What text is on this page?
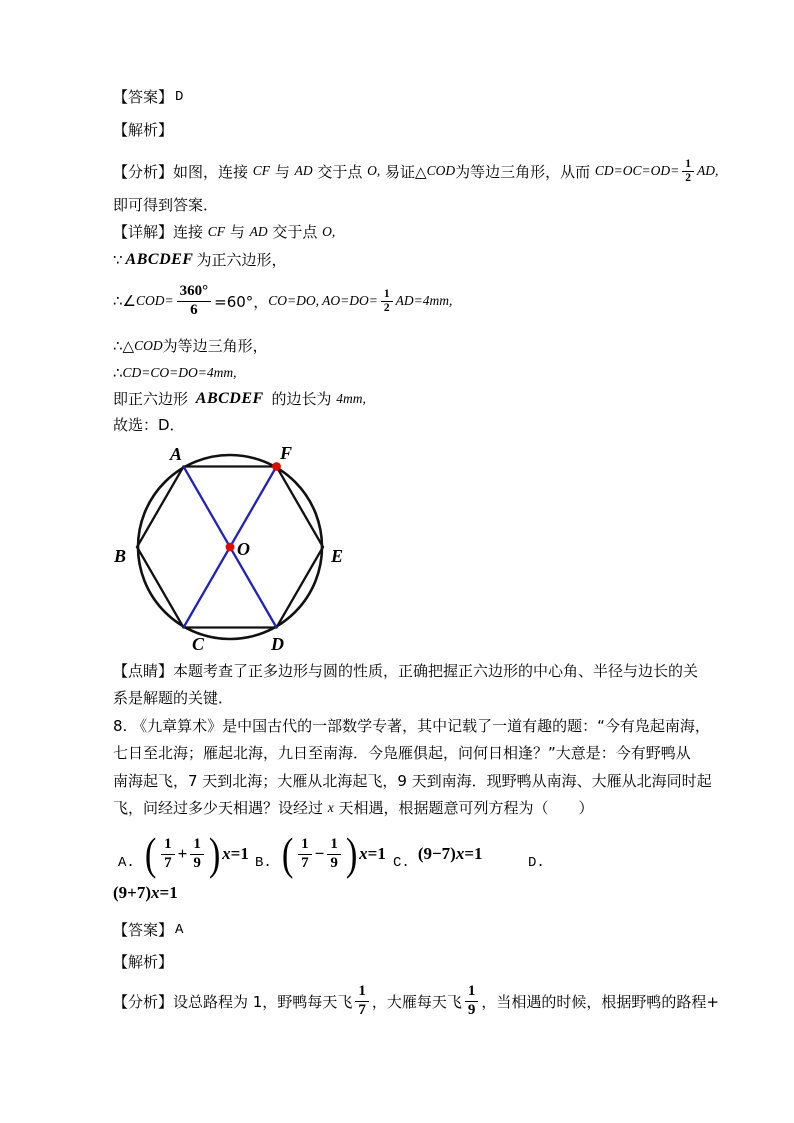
【答案】 D
【解析】
【分析】如图，连接 CF 与 AD 交于点 O, 易证△ COD 为等边三角形，从而 $CD=OC=OD= \frac{1}{2}$ AD,
即可得到答案．
【详解】连接 CF 与 AD 交于点 O,
∵ ABCDEF 为正六边形，
∴∠ COD = $\frac{360^\circ}{6} =60^\circ$， CO=DO, $AO=DO= \frac{1}{2} AD=4mm$,
∴△ COD 为等边三角形，
∴ CD=CO=DO=4mm,
即正六边形 ABCDEF 的边长为 4mm,
故选：D．
A	F
B	E
C	D
O
【点睛】本题考查了正多边形与圆的性质，正确把握正六边形的中心角、半径与边长的关
系是解题的关键．
8. 《九章算术》是中国古代的一部数学专著，其中记载了一道有趣的题：“今有凫起南海，
七日至北海；雁起北海，九日至南海．今凫雁俱起，问何日相逢？”大意是：今有野鸭从
南海起飞，7 天到北海；大雁从北海起飞，9 天到南海．现野鸭从南海、大雁从北海同时起
飞，问经过多少天相遇？设经过 x 天相遇，根据题意可列方程为（　　）
A. ( $\frac{1}{7} + \frac{1}{9}$ ) x =1 B. ( $\frac{1}{7} - \frac{1}{9}$ ) x =1 C. (9−7) x =1	D.
(9+7) x =1
【答案】 A
【解析】
【分析】设总路程为 1，野鸭每天飞 $\frac{1}{7}$ ，大雁每天飞 $\frac{1}{9}$ ，当相遇的时候，根据野鸭的路程+
